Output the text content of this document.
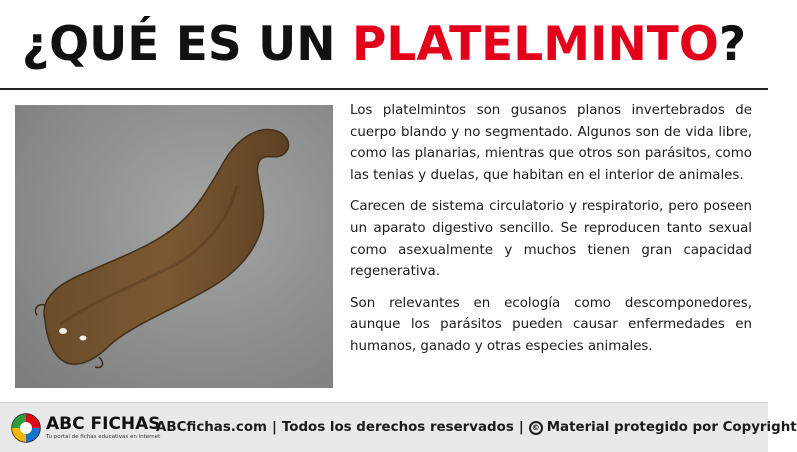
¿QUÉ ES UN PLATELMINTO?

Los platelmintos son gusanos planos invertebrados de cuerpo blando y no segmentado. Algunos son de vida libre, como las planarias, mientras que otros son parásitos, como las tenias y duelas, que habitan en el interior de animales.

Carecen de sistema circulatorio y respiratorio, pero poseen un aparato digestivo sencillo. Se reproducen tanto sexual como asexualmente y muchos tienen gran capacidad regenerativa.

Son relevantes en ecología como descomponedores, aunque los parásitos pueden causar enfermedades en humanos, ganado y otras especies animales.

ABC FICHAS
Tu portal de fichas educativas en internet
ABCfichas.com | Todos los derechos reservados |	© Material protegido por Copyright
